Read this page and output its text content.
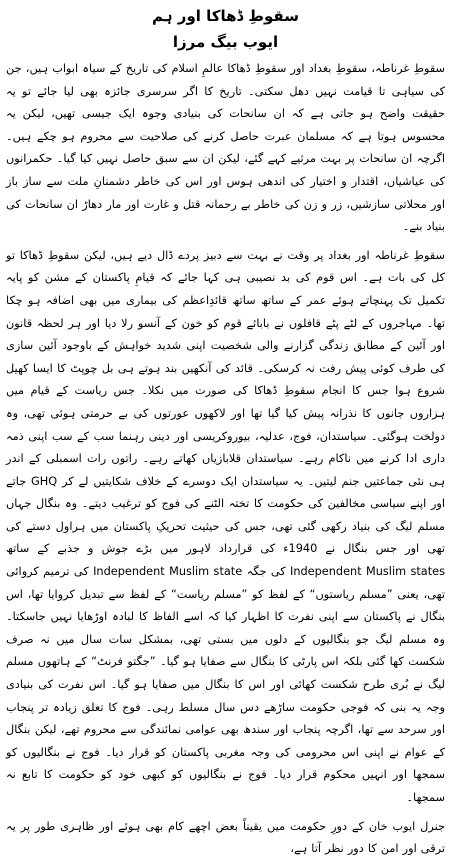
سقوطِ ڈھاکا اور ہم
ایوب بیگ مرزا

سقوطِ غرناطہ، سقوطِ بغداد اور سقوطِ ڈھاکا عالمِ اسلام کی تاریخ کے سیاہ ابواب ہیں، جن کی سیاہی تا قیامت نہیں دھل سکتی۔ تاریخ کا اگر سرسری جائزہ بھی لیا جائے تو یہ حقیقت واضح ہو جاتی ہے کہ ان سانحات کی بنیادی وجوہ ایک جیسی تھیں، لیکن یہ محسوس ہوتا ہے کہ مسلمان عبرت حاصل کرنے کی صلاحیت سے محروم ہو چکے ہیں۔ اگرچہ ان سانحات پر بہت مرثیے کہے گئے، لیکن ان سے سبق حاصل نہیں کیا گیا۔ حکمرانوں کی عیاشیاں، اقتدار و اختیار کی اندھی ہوس اور اس کی خاطر دشمنانِ ملت سے ساز باز اور محلاتی سازشیں، زر و زن کی خاطر بے رحمانہ قتل و غارت اور مار دھاڑ ان سانحات کی بنیاد بنے۔

سقوطِ غرناطہ اور بغداد پر وقت نے بہت سے دبیز پردے ڈال دیے ہیں، لیکن سقوطِ ڈھاکا تو کل کی بات ہے۔ اس قوم کی بد نصیبی ہی کہا جائے کہ قیامِ پاکستان کے مشن کو پایہ تکمیل تک پہنچاتے ہوئے عمر کے ساتھ ساتھ قائدِاعظم کی بیماری میں بھی اضافہ ہو چکا تھا۔ مہاجروں کے لٹے پٹے قافلوں نے بابائے قوم کو خون کے آنسو رلا دیا اور ہر لحظہ قانون اور آئین کے مطابق زندگی گزارنے والی شخصیت اپنی شدید خواہش کے باوجود آئین سازی کی طرف کوئی پیش رفت نہ کرسکی۔ قائد کی آنکھیں بند ہوتے ہی بل چوپٹ کا ایسا کھیل شروع ہوا جس کا انجام سقوطِ ڈھاکا کی صورت میں نکلا۔ جس ریاست کے قیام میں ہزاروں جانوں کا نذرانہ پیش کیا گیا تھا اور لاکھوں عورتوں کی بے حرمتی ہوئی تھی، وہ دولخت ہوگئی۔ سیاستدان، فوج، عدلیہ، بیوروکریسی اور دینی رہنما سب کے سب اپنی ذمہ داری ادا کرنے میں ناکام رہے۔ سیاستدان قلابازیاں کھاتے رہے۔ راتوں رات اسمبلی کے اندر ہی نئی جماعتیں جنم لیتیں۔ یہ سیاستدان ایک دوسرے کے خلاف شکایتیں لے کر GHQ جاتے اور اپنے سیاسی مخالفین کی حکومت کا تختہ الٹنے کی فوج کو ترغیب دیتے۔ وہ بنگال جہاں مسلم لیگ کی بنیاد رکھی گئی تھی، جس کی حیثیت تحریکِ پاکستان میں ہراول دستے کی تھی اور جس بنگال نے 1940ء کی قرارداد لاہور میں بڑے جوش و جذبے کے ساتھ Independent Muslim states کی جگہ Independent Muslim state کی ترمیم کروائی تھی، یعنی ”مسلم ریاستوں“ کے لفظ کو ”مسلم ریاست“ کے لفظ سے تبدیل کروایا تھا، اس بنگال نے پاکستان سے اپنی نفرت کا اظہار کیا کہ اسے الفاظ کا لبادہ اوڑھایا نہیں جاسکتا۔ وہ مسلم لیگ جو بنگالیوں کے دلوں میں بستی تھی، بمشکل سات سال میں نہ صرف شکست کھا گئی بلکہ اس پارٹی کا بنگال سے صفایا ہو گیا۔ ”جگتو فرنٹ“ کے ہاتھوں مسلم لیگ نے بُری طرح شکست کھائی اور اس کا بنگال میں صفایا ہو گیا۔ اس نفرت کی بنیادی وجہ یہ بنی کہ فوجی حکومت ساڑھے دس سال مسلط رہی۔ فوج کا تعلق زیادہ تر پنجاب اور سرحد سے تھا، اگرچہ پنجاب اور سندھ بھی عوامی نمائندگی سے محروم تھے، لیکن بنگال کے عوام نے اپنی اس محرومی کی وجہ مغربی پاکستان کو قرار دیا۔ فوج نے بنگالیوں کو سمجھا اور انہیں محکوم قرار دیا۔ فوج نے بنگالیوں کو کبھی خود کو حکومت کا تابع نہ سمجھا۔

جنرل ایوب خان کے دورِ حکومت میں یقیناً بعض اچھے کام بھی ہوئے اور ظاہری طور پر یہ ترقی اور امن کا دور نظر آتا ہے،
